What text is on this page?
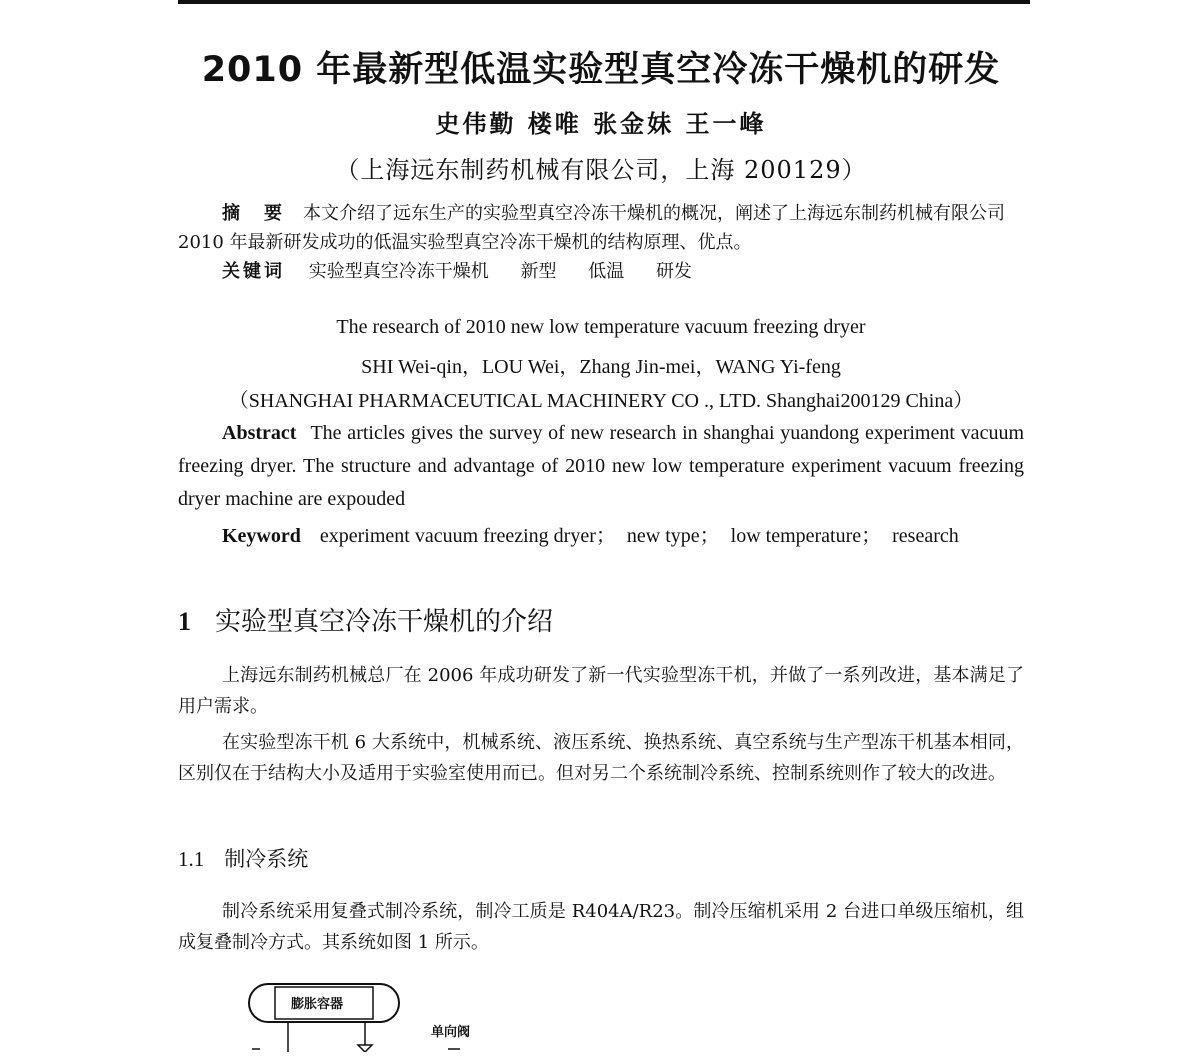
2010 年最新型低温实验型真空冷冻干燥机的研发
史伟勤 楼唯 张金妹 王一峰
（上海远东制药机械有限公司，上海 200129）

摘　要 本文介绍了远东生产的实验型真空冷冻干燥机的概况，阐述了上海远东制药机械有限公司 2010 年最新研发成功的低温实验型真空冷冻干燥机的结构原理、优点。

关键词 实验型真空冷冻干燥机 新型 低温 研发
The research of 2010 new low temperature vacuum freezing dryer
SHI Wei-qin，LOU Wei，Zhang Jin-mei，WANG Yi-feng
（SHANGHAI PHARMACEUTICAL MACHINERY CO ., LTD. Shanghai200129 China）

Abstract The articles gives the survey of new research in shanghai yuandong experiment vacuum freezing dryer. The structure and advantage of 2010 new low temperature experiment vacuum freezing dryer machine are expouded

Keyword experiment vacuum freezing dryer； new type； low temperature； research
1 实验型真空冷冻干燥机的介绍

上海远东制药机械总厂在 2006 年成功研发了新一代实验型冻干机，并做了一系列改进，基本满足了用户需求。

在实验型冻干机 6 大系统中，机械系统、液压系统、换热系统、真空系统与生产型冻干机基本相同，区别仅在于结构大小及适用于实验室使用而已。但对另二个系统制冷系统、控制系统则作了较大的改进。

1.1 制冷系统

制冷系统采用复叠式制冷系统，制冷工质是 R404A/R23。制冷压缩机采用 2 台进口单级压缩机，组成复叠制冷方式。其系统如图 1 所示。

膨胀容器
单向阀
